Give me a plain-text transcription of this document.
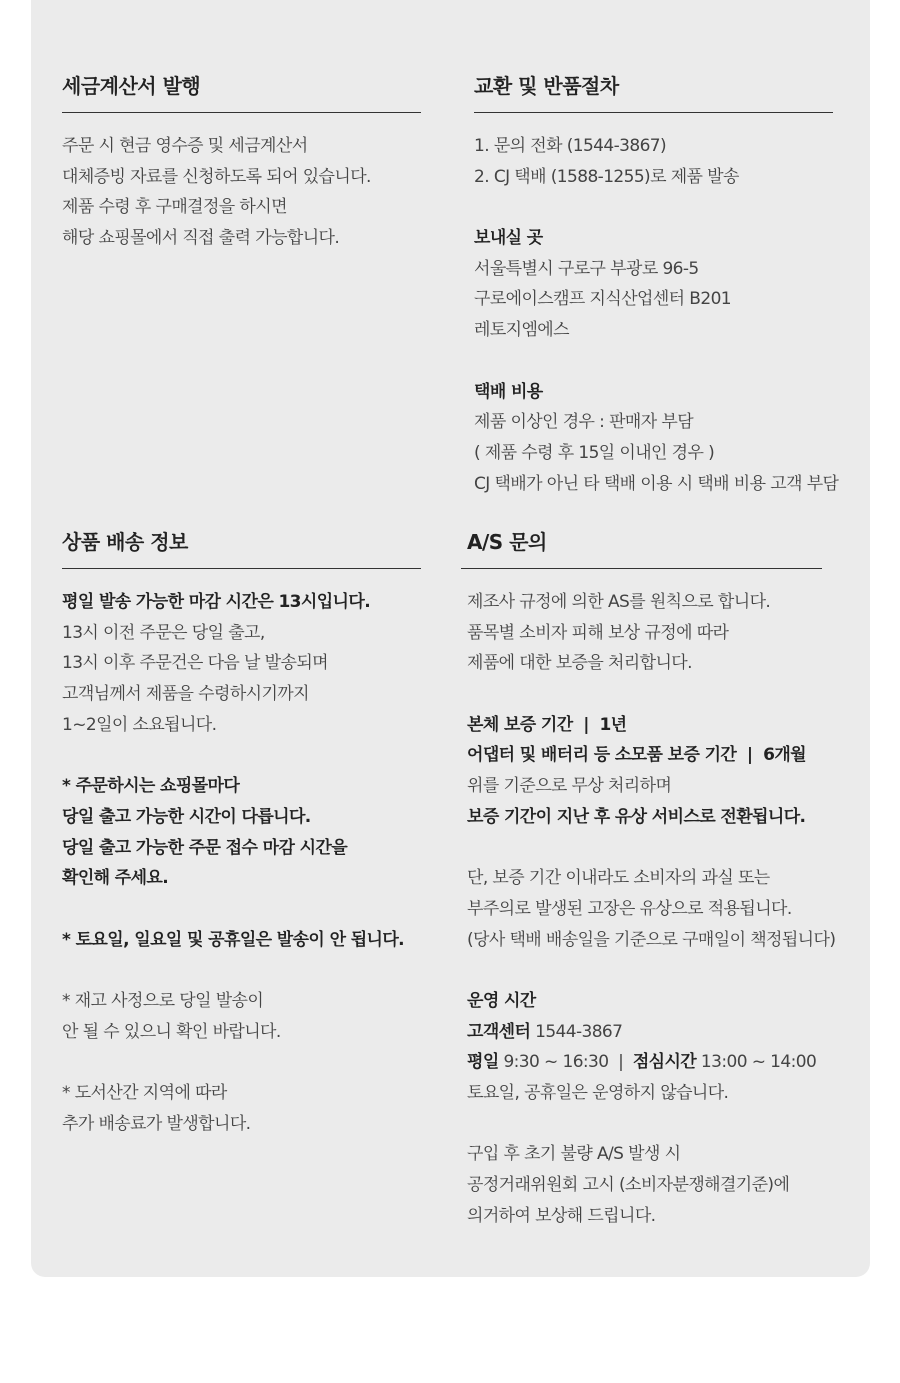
세금계산서 발행
주문 시 현금 영수증 및 세금계산서
대체증빙 자료를 신청하도록 되어 있습니다.
제품 수령 후 구매결정을 하시면
해당 쇼핑몰에서 직접 출력 가능합니다.
교환 및 반품절차
1. 문의 전화 (1544-3867)
2. CJ 택배 (1588-1255)로 제품 발송
보내실 곳
서울특별시 구로구 부광로 96-5
구로에이스캠프 지식산업센터 B201
레토지엠에스
택배 비용
제품 이상인 경우 : 판매자 부담
( 제품 수령 후 15일 이내인 경우 )
CJ 택배가 아닌 타 택배 이용 시 택배 비용 고객 부담
상품 배송 정보
평일 발송 가능한 마감 시간은 13시입니다.
13시 이전 주문은 당일 출고,
13시 이후 주문건은 다음 날 발송되며
고객님께서 제품을 수령하시기까지
1~2일이 소요됩니다.
* 주문하시는 쇼핑몰마다
당일 출고 가능한 시간이 다릅니다.
당일 출고 가능한 주문 접수 마감 시간을
확인해 주세요.
* 토요일, 일요일 및 공휴일은 발송이 안 됩니다.
* 재고 사정으로 당일 발송이
안 될 수 있으니 확인 바랍니다.
* 도서산간 지역에 따라
추가 배송료가 발생합니다.
A/S 문의
제조사 규정에 의한 AS를 원칙으로 합니다.
품목별 소비자 피해 보상 규정에 따라
제품에 대한 보증을 처리합니다.
본체 보증 기간  |  1년
어댑터 및 배터리 등 소모품 보증 기간  |  6개월
위를 기준으로 무상 처리하며
보증 기간이 지난 후 유상 서비스로 전환됩니다.
단, 보증 기간 이내라도 소비자의 과실 또는
부주의로 발생된 고장은 유상으로 적용됩니다.
(당사 택배 배송일을 기준으로 구매일이 책정됩니다)
운영 시간
고객센터 1544-3867
평일 9:30 ~ 16:30  |  점심시간 13:00 ~ 14:00
토요일, 공휴일은 운영하지 않습니다.
구입 후 초기 불량 A/S 발생 시
공정거래위원회 고시 (소비자분쟁해결기준)에
의거하여 보상해 드립니다.
